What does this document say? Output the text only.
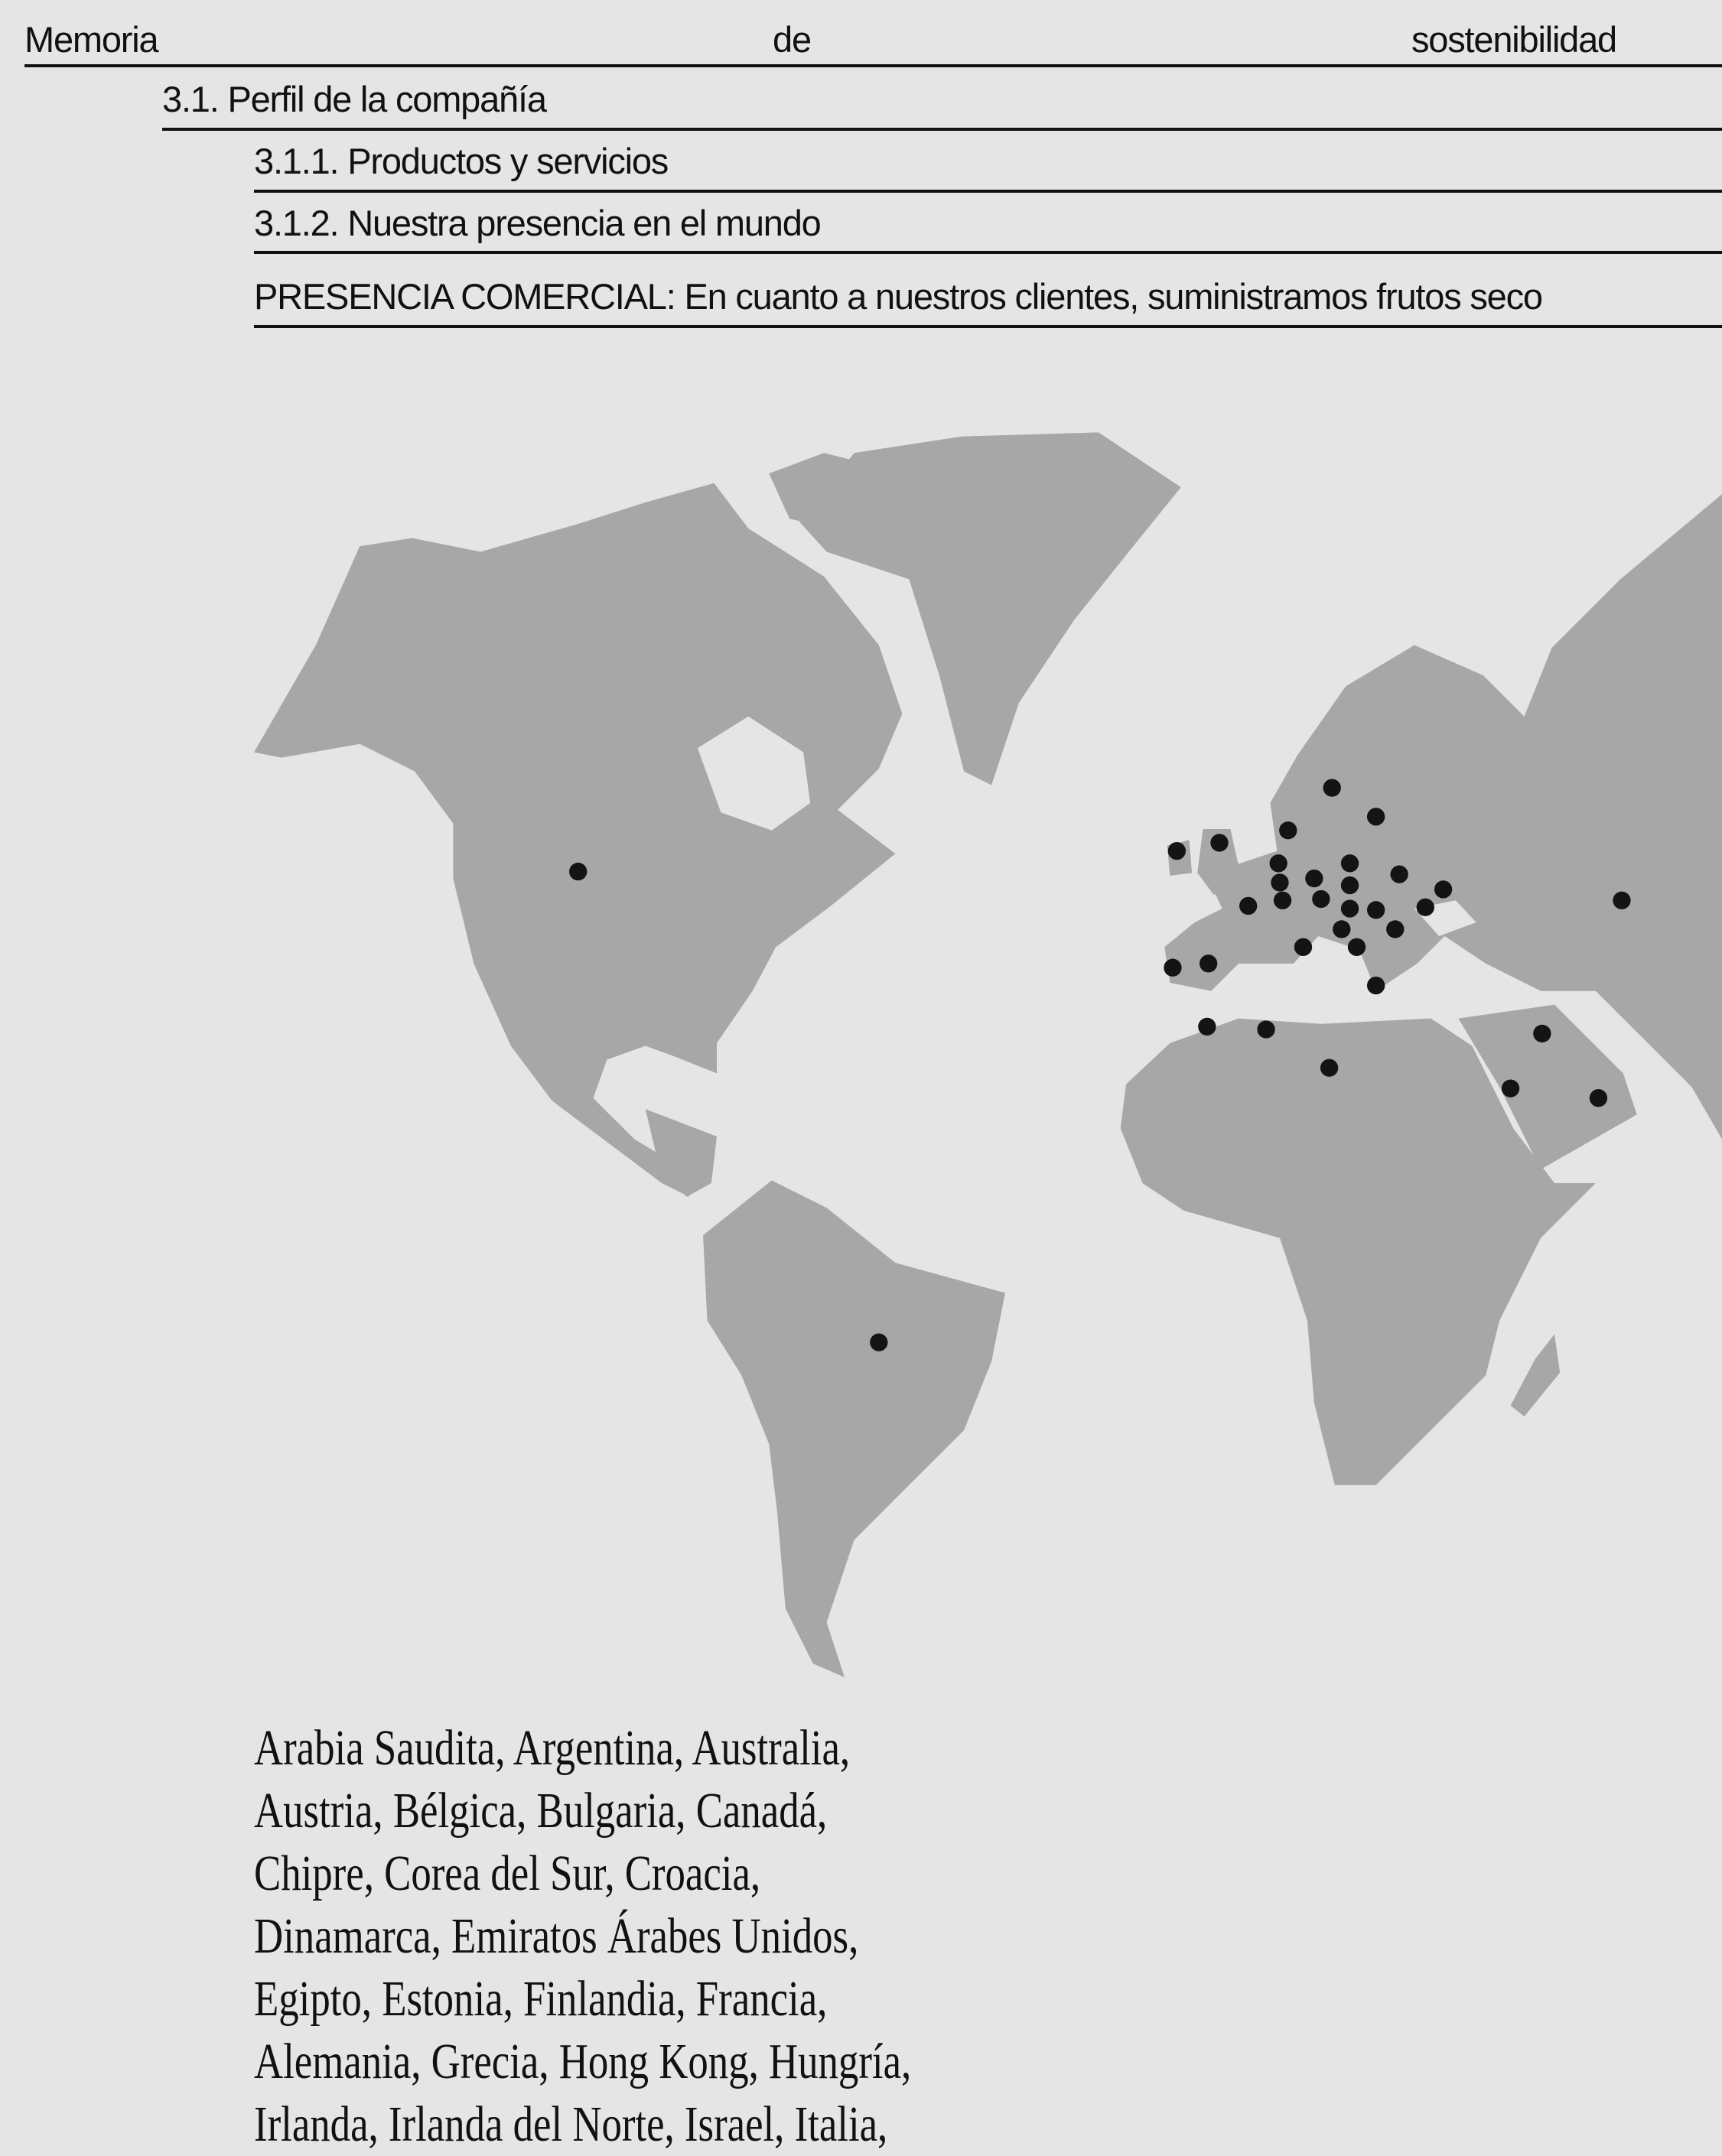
Memoria	de	sostenibilidad
3.1. Perfil de la compañía
3.1.1. Productos y servicios
3.1.2. Nuestra presencia en el mundo
PRESENCIA COMERCIAL: En cuanto a nuestros clientes, suministramos frutos seco
Arabia Saudita, Argentina, Australia,
Austria, Bélgica, Bulgaria, Canadá,
Chipre, Corea del Sur, Croacia,
Dinamarca, Emiratos Árabes Unidos,
Egipto, Estonia, Finlandia, Francia,
Alemania, Grecia, Hong Kong, Hungría,
Irlanda, Irlanda del Norte, Israel, Italia,
